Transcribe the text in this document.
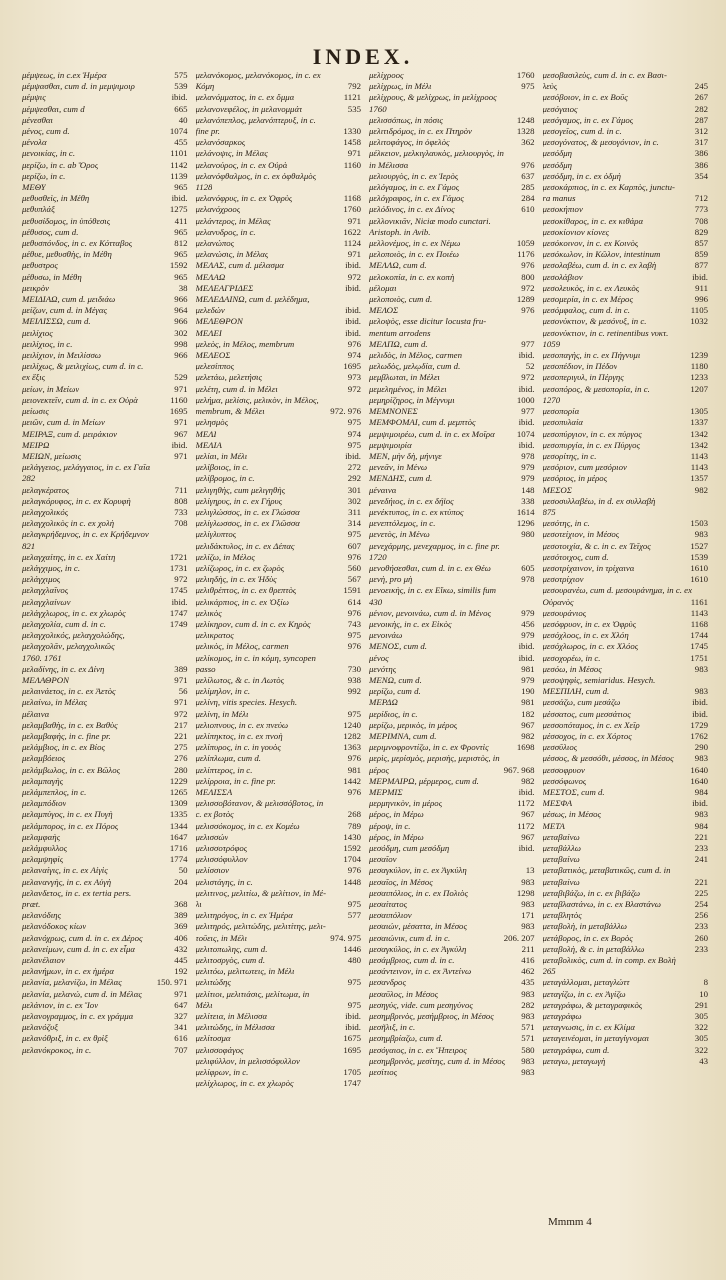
INDEX.
μέμψεως, in c.ex Ἠμέρα	575
μέμψασθαι, cum d. in μεμψιμοιρ	539
μέμψις	ibid.
μέμψεσθαι, cum d	665
μένεσθαι	40
μένος, cum d.	1074
μένολα	455
μενοικίας, in c.	1101
μερίζω, in c. ab Ὄρος	1142
μερίζω, in c.	1139
ΜΕΘΥ	965
μεθυσθεὶς, in Μέθη	ibid.
μεθυπλάξ	1275
μεθυσίδομος, in ὑπόθεσις	411
μέθυσος, cum d.	965
μεθυσπόνδος, in c. ex Κότταβος	812
μέθυε, μεθυσθὴς, in Μέθη	965
μεθυστρος	1592
μέθυσω, in Μέθη	965
μεικρὸν	38
ΜΕΙΔΙΑΩ, cum d. μειδιάω	966
μείζων, cum d. in Μέγας	964
ΜΕΙΛΙΣΣΩ, cum d.	966
μειλίχιος	302
μειλίχιος, in c.	998
μειλίχιον, in Μειλίσσω	966
μειλίχως, & μειλιχίως, cum d. in c.
ex ἕξις	529
μείων, in Μείων	971
μειονεκτεῖν, cum d. in c. ex Οὐρὰ	1160
μείωσις	1695
μειῶν, cum d. in Μείων	971
ΜΕΙΡΑΞ, cum d. μειράκιον	967
ΜΕΙΡΩ	ibid.
ΜΕΙΩΝ, μείωσις	971
μελάγγειος, μελάγγαιος, in c. ex Γαῖα
282
μελαγκέρατος	711
μελαγκόρυφος, in c. ex Κορυφὴ	808
μελαγχολικός	733
μελαγχολικὸς in c. ex χολὴ	708
μελαγκρήδεμνος, in c. ex Κρήδεμνον
821
μελαγχαίτης, in c. ex Χαίτη	1721
μελάγχιμος, in c.	1731
μελάγχιμος	972
μελαγχλαῖνος	1745
μελαγχλαίνων	ibid.
μελάγχλωρος, in c. ex χλωρὸς	1747
μελαγχολία, cum d. in c.	1749
μελαγχολικός, μελαγχολώδης,
μελαγχολᾶν, μελαγχολικῶς
1760. 1761
μελαδίνης, in c. ex Δίνη	389
ΜΕΛΑΘΡΟΝ	971
μελαινάετος, in c. ex Ἀετὸς	56
μελαίνω, in Μέλας	971
μέλαινα	972
μελαμβαθὴς, in c. ex Βαθὺς	217
μελαμβαφὴς, in c. fine pr.	221
μελάμβιος, in c. ex Βίος	275
μελαμβόειος	276
μελάμβωλος, in c. ex Βῶλος	280
μελαμπαγὴς	1229
μελάμπεπλος, in c.	1265
μελαμπόδιον	1309
μελαμπύγος, in c. ex Πυγὴ	1335
μελάμπορος, in c. ex Πόρος	1344
μελαμφαὴς	1647
μελάμφυλλος	1716
μελαμψηφὶς	1774
μελαναίγις, in c. ex Αἰγὶς	50
μελανανγὴς, in c. ex Αὐγὴ	204
μελανδετος, in c. ex tertia pers.
præt.	368
μελανόδιης	389
μελανόδοκος κίων	369
μελανόχρως, cum d. in c. ex Δέρος	406
μελανείμων, cum d. in c. ex εἷμα	432
μελανέλαιον	445
μελανήμων, in c. ex ἡμέρα	192
μελανία, μελανίζω, in Μέλας	150. 971
μελανία, μελανώ, cum d. in Μέλας	971
μελάνιον, in c. ex Ἴον	647
μελανογραμμος, in c. ex γράμμα	327
μελανόζυξ	341
μελανόθριξ, in c. ex θρὶξ	616
μελανόκροκος, in c.	707
μελανόκομος, μελανόκομος, in c. ex
Κόμη	792
μελανόμματος, in c. ex ὄμμα	1121
μελανονεφέλος, in μελανομμάτ	535
μελανόπεπλος, μελανόπτερυξ, in c.
fine pr.	1330
μελανόσαρκος	1458
μελάνοψις, in Μέλας	971
μελανούρος, in c. ex Οὐρὰ	1160
μελανόφθαλμος, in c. ex ὀφθαλμὸς
1128
μελανόφρυς, in c. ex Ὀφρὺς	1168
μελανόχροος	1760
μελάντερος, in Μέλας	971
μελανυδρος, in c.	1622
μελανώπος	1124
μελανώσις, in Μέλας	971
ΜΕΛΑΣ, cum d. μέλασμα	ibid.
ΜΕΛΑΩ	972
ΜΕΛΕΑΓΡΙΔΕΣ	ibid.
ΜΕΛΕΔΑΙΝΩ, cum d. μελέδημα,
μελεδών	ibid.
ΜΕΛΕΘΡΟΝ	ibid.
ΜΕΛΕΙ	ibid.
μελεὸς, in Μέλος, membrum	976
ΜΕΛΕΟΣ	974
μελεσίππος	1695
μελετάω, μελετήσις	973
μελέτη, cum d. in Μέλει	972
μελήμα, μελίσις, μελικὸν, in Μέλος,
membrum, & Μέλει	972. 976
μελησμὸς	975
ΜΕΛΙ	974
ΜΕΛΙΑ	975
μελίαι, in Μέλι	ibid.
μελίβοιος, in c.	272
μελίβρομος, in c.	292
μελιγηθὴς, cum μελιγηθὴς	301
μελίγηρυς, in c. ex Γήρυς	302
μελιγλώσσος, in c. ex Γλώσσα	311
μελίγλωσσος, in c. ex Γλῶσσα	314
μελίγλυπτος	975
μελιδάκτυλος, in c. ex Δέπας	607
μελίζω, in Μέλος	976
μελίζωρος, in c. ex ζωρὸς	560
μελιηδὴς, in c. ex Ἡδὺς	567
μελιθρέπτος, in c. ex θρεπτὸς	1591
μελικάρπιος, in c. ex Ὀξίω	614
μελικὸς	976
μελίκηρον, cum d. in c. ex Κηρὸς	743
μελικρατος	975
μελικὸς, in Μέλος, carmen	976
μελίκομος, in c. in κόμη, syncopen
passo	730
μελίλωτος, & c. in Λωτὸς	938
μελίμηλον, in c.	992
μελίνη, vitis species. Hesych.
μελίνη, in Μέλι	975
μελιοπνους, in c. ex πνεύω	1240
μελίπηκτος, in c. ex πνοὴ	1282
μελίπυρος, in c. in γουὸς	1363
μελίπλωμα, cum d.	976
μελίπτερος, in c.	981
μελίρροια, in c. fine pr.	1442
ΜΕΛΙΣΣΑ	976
μελισσοβότανον, & μελισσόβοτος, in
c. ex βοτὸς	268
μελισσόκομος, in c. ex Κομέω	789
μελισσών	1430
μελισσοτρόφος	1592
μελισσόφυλλον	1704
μελίσσιον	976
μελιστάγης, in c.	1448
μελιτινος, μελιτίω, & μελίτιον, in Μέ-
λι	975
μελιτηρόγος, in c. ex Ἠμέρα	577
μελιτηρός, μελιτώδης, μελιτίτης, μελι-
τοῦεις, in Μέλι	974. 975
μελιτοπωλης, cum d.	1446
μελιτοσργὸς, cum d.	480
μελιτόω, μελιτωτεις, in Μέλι
μελιτώδης	975
μελίτιοι, μελιτιάσις, μελίτωμα, in
Μέλι	975
μελίτεια, in Μέλισσα	ibid.
μελιτώδης, in Μέλισσα	ibid.
μελίτοσμα	1675
μελισσοφάγος	1695
μελιφύλλον, in μελισσόφυλλον
μελίφρων, in c.	1705
μελίχλωρος, in c. ex χλωρὸς	1747
μελίχροος	1760
μελίχρως, in Μέλι	975
μελίχρους, & μελίχρως, in μελίχροος
1760
μελισσόπως, in πόσις	1248
μελιτιδρόμος, in c. ex Πτηρὸν	1328
μελιτοφάγος, in ὀφελὸς	362
μέλκειον, μελκιγλαυκὸς, μελιουργὸς, in
in Μέλισσα	976
μελιουργὸς, in c. ex Ἱερὸς	637
μελόγαμος, in c. ex Γάμος	285
μελόγραφος, in c. ex Γάμος	284
μελόδινος, in c. ex Δίνος	610
μελλονικιᾶν, Niciæ modo cunctari.
Aristoph. in Avib.
μελλονέμος, in c. ex Νέμω	1059
μελοποιὸς, in c. ex Ποιέω	1176
ΜΕΛΛΩ, cum d.	976
μελοκοπία, in c. ex κοπὴ	800
μέλομαι	972
μελοποιὸς, cum d.	1289
ΜΕΛΟΣ	976
μελοψὸς, esse dicitur locusta fru-
mentum arrodens
ΜΕΛΠΩ, cum d.	977
μελιδὸς, in Μέλος, carmen	ibid.
μελωδὸς, μελῳδία, cum d.	52
μεμβλωται, in Μέλει	972
μεμελημένος, in Μέλει	ibid.
μεμηρίζηρος, in Μέγνυμι	1000
ΜΕΜΝΟΝΕΣ	977
ΜΕΜΦΟΜΑΙ, cum d. μεμπτὸς	ibid.
μεμψιμοιρέω, cum d. in c. ex Μοῖρα	1074
μεμψιμοιρία	ibid.
ΜΕΝ, μὴν δὴ, μήνιγε	978
μενεᾶν, in Μένω	979
ΜΕΝΔΗΣ, cum d.	979
μέναινα	148
μενεδήιος, in c. ex δήϊος	338
μενέκτυπος, in c. ex κτύπος	1614
μενεπτόλεμος, in c.	1296
μενετὸς, in Μένω	980
μενεχάρμης, μενεχαρμος, in c. fine pr.
1720
μενοθήσεσθαι, cum d. in c. ex Θέω	605
μενὴ, pro μὴ	978
μενοεικὴς, in c. ex Εἴκω, similis fum
430
μένιον, μενοινάω, cum d. in Μένος	979
μενοικὴς, in c. ex Εἰκὸς	456
μενοινάω	979
ΜΕΝΟΣ, cum d.	ibid.
μένος	ibid.
μενότης	981
ΜΕΝΩ, cum d.	979
μερίζω, cum d.	190
ΜΕΡΔΩ	981
μερίδιος, in c.	182
μερίζω, μερικὸς, in μέρος	967
ΜΕΡΙΜΝΑ, cum d.	982
μεριμνοφροντίζω, in c. ex Φροντὶς	1698
μερὶς, μερίσμὸς, μερισὴς, μεριστὸς, in
μέρος	967. 968
ΜΕΡΜΑΙΡΩ, μέρμερος, cum d.	982
ΜΕΡΜΙΣ	ibid.
μερμηνικὸν, in μέρος	1172
μέρος, in Μέρω	967
μέροψ, in c.	1172
μέρος, in Μέρω	967
μεσόδμη, cum μεσόδμη	ibid.
μεσαῖον
μεσαγκύλον, in c. ex Ἀγκύλη	13
μεσαῖος, in Μέσος	983
μεσαιπόλιος, in c. ex Πολιὸς	1298
μεσαίτατος	983
μεσαιπόλιον	171
μεσαιών, μέσαττα, in Μέσος	983
μεσαιώνικ, cum d. in c.	206. 207
μεσαγκύλος, in c. ex Ἀγκύλη	211
μεσάμβριος, cum d. in c.	416
μεσάντεινον, in c. ex Ἀντείνω	462
μεσανδρος	435
μεσαῦλος, in Μέσος	983
μεσηγύς, vide. cum μεσηγύνος	282
μεσημβρινὸς, μεσήμβριος, in Μέσος	983
μεσῆλιξ, in c.	571
μεσημβρίαζω, cum d.	571
μεσόγαιος, in c. ex Ἤπειρος	580
μεσημβρινὸς, μεσίτης, cum d. in Μέσος	983
μεσίτιος	983
μεσοβασιλεὺς, cum d. in c. ex Βασι-
λεὺς	245
μεσόβοιον, in c. ex Βοῦς	267
μεσόγαιος	282
μεσόγαμος, in c. ex Γάμος	287
μεσογεῖος, cum d. in c.	312
μεσογόνατος, & μεσογόνιον, in c.	317
μεσόδμη	386
μεσόδμη	386
μεσόδμη, in c. ex ὀδμὴ	354
μεσοκάρπιος, in c. ex Καρπὸς, junctu-
ra manus	712
μεσοκήπιον	773
μεσοκίθαρος, in c. ex κιθάρα	708
μεσοκίονιον κίονες	829
μεσόκοινον, in c. ex Κοινὸς	857
μεσόκωλον, in Κῶλον, intestinum	859
μεσολαβέω, cum d. in c. ex λαβὴ	877
μεσολάβιον	ibid.
μεσολευκὸς, in c. ex Λευκὸς	911
μεσομερία, in c. ex Μέρος	996
μεσόμφαλος, cum d. in c.	1105
μεσονύκτιον, & μεσόνυξ, in c.	1032
μεσονύκτιον, in c. retinentibus νυκτ.
1059
μεσοπαγὴς, in c. ex Πήγνυμι	1239
μεσοπέδιον, in Πέδον	1180
μεσοπεριγυλ, in Πέργης	1233
μεσοπόρος, & μεσοπορία, in c.	1207
1270
μεσοπορία	1305
μεσοπυλαία	1337
μεσοπύργιον, in c. ex πύργος	1342
μεσοπυργία, in c. ex Πύργος	1342
μεσορίτης, in c.	1143
μεσόριον, cum μεσόριον	1143
μεσόριος, in μέρος	1357
ΜΕΣΟΣ	982
μεσοσυλλαβέω, in d. ex συλλαβὴ
875
μεσότης, in c.	1503
μεσοτείχιον, in Μέσος	983
μεσοτοιχία, & c. in c. ex Τεῖχος	1527
μεσότοιχος, cum d.	1539
μεσοτρίχαινον, in τρίχαινα	1610
μεσοτρίχιον	1610
μεσουρανέω, cum d. μεσουράνημα, in c. ex
Οὐρανὸς	1161
μεσουράνιος	1143
μεσόφρυον, in c. ex Ὀφρὺς	1168
μεσόχλοος, in c. ex Χλόη	1744
μεσόχλωρος, in c. ex Χλόος	1745
μεσοχορέω, in c.	1751
μεσόω, in Μέσος	983
μεσοψηφὶς, semiaridus. Hesych.
ΜΕΣΠΙΛΗ, cum d.	983
μεσσάζω, cum μεσάζω	ibid.
μέσσατος, cum μεσσάτιος	ibid.
μεσσοπόταμος, in c. ex Χεῖρ	1729
μέσσοχος, in c. ex Χόρτος	1762
μεσσῦλιος	290
μέσσος, & μεσσόθι, μέσσος, in Μέσος	983
μεσσοφρυον	1640
μεσσόφωνος	1640
ΜΕΣΤΟΣ, cum d.	984
ΜΕΣΦΑ	ibid.
μέσως, in Μέσος	983
ΜΕΤΑ	984
μεταβαίνω	221
μεταβάλλω	233
μεταβαίνω	241
μεταβατικὸς, μεταβατικῶς, cum d. in
μεταβαίνω	221
μεταβιβάζω, in c. ex βιβάζω	225
μεταβλαστάνω, in c. ex Βλαστάνω	254
μεταβλητὸς	256
μεταβολὴ, in μεταβάλλω	233
μετάβορος, in c. ex Βορὸς	260
μεταβολὴ, & c. in μεταβάλλω	233
μεταβολικὸς, cum d. in comp. ex Βολὴ
265
μεταγάλλομαι, μεταγλώττ	8
μεταγίζω, in c. ex Ἁγίζω	10
μεταγράφω, & μεταγραφικὸς	291
μεταγράφω	305
μεταγνωσις, in c. ex Κλίμα	322
μεταγεινέομαι, in μεταγίγνομαι	305
μεταγράφω, cum d.	322
μεταγω, μεταγωγὴ	43
Mmmm 4
